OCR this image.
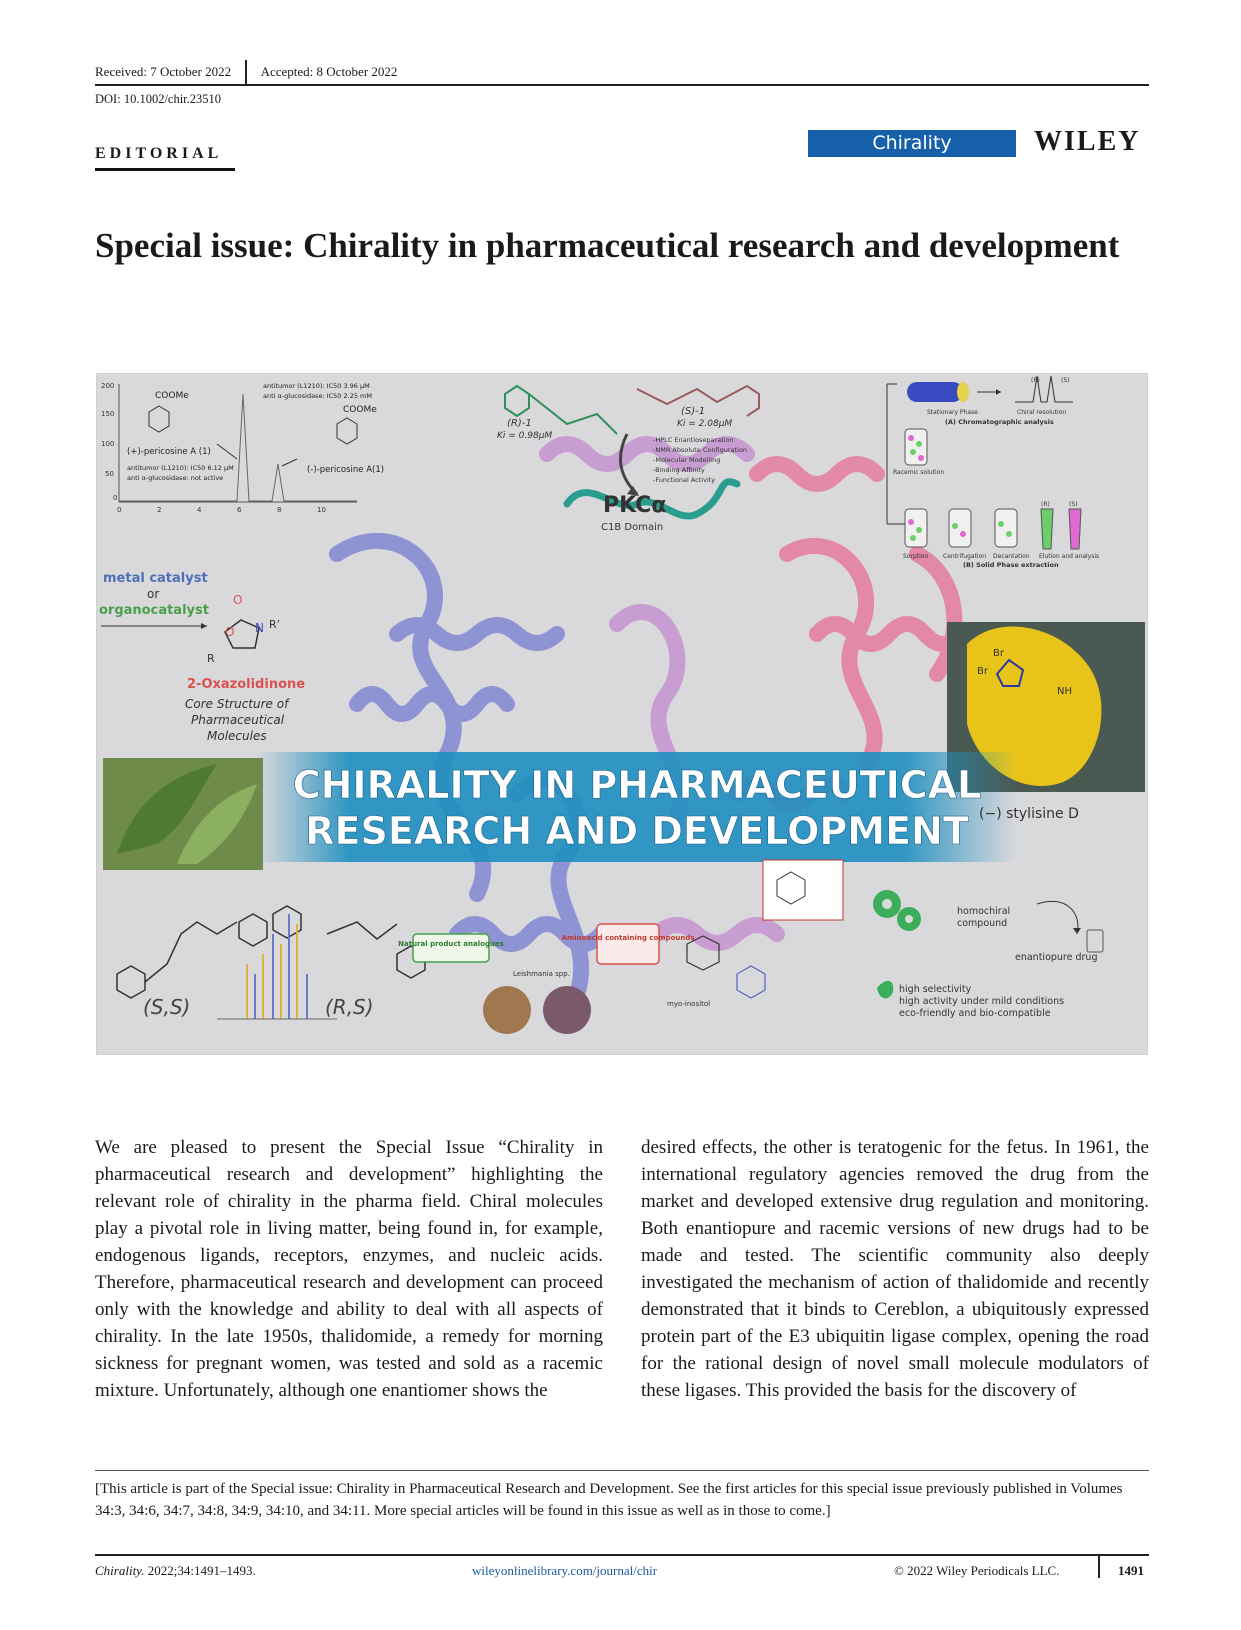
Received: 7 October 2022 Accepted: 8 October 2022
DOI: 10.1002/chir.23510
EDITORIAL	Chirality	WILEY
Special issue: Chirality in pharmaceutical research and development
200
150
100
50
0
0	2	4	6	8	10
COOMe
(+)-pericosine A (1)
antitumor (L1210): IC50 6.12 μM
anti α-glucosidase: not active
antitumor (L1210): IC50 3.96 μM
anti α-glucosidase: IC50 2.25 mM
COOMe
(-)-pericosine A(1)
(R)-1
Ki = 0.98μM
(S)-1
Ki = 2.08μM
-HPLC Enantioseparation
-NMR Absolute Configuration
-Molecular Modelling
-Binding Affinity
-Functional Activity
PKCα
C1B Domain
(R)	(S)
Stationary Phase	Chiral resolution
(A) Chromatographic analysis
Racemic solution
Sorption Centrifugation Decantation Elution and analysis
(B) Solid Phase extraction
(R)	(S)
metal catalyst
or
organocatalyst
O
N
O
R’
R
2-Oxazolidinone
Core Structure of
Pharmaceutical
Molecules
Br
Br
NH
CHIRALITY IN PHARMACEUTICAL
RESEARCH AND DEVELOPMENT (−) stylisine D
(S,S)	(R,S)
Natural product analogues
Aminoacid containing compounds
Leishmania spp.
myo-inositol
homochiral
compound
enantiopure drug
high selectivity
high activity under mild conditions
eco-friendly and bio-compatible

We are pleased to present the Special Issue “Chirality in pharmaceutical research and development” highlighting the relevant role of chirality in the pharma field. Chiral molecules play a pivotal role in living matter, being found in, for example, endogenous ligands, receptors, enzymes, and nucleic acids. Therefore, pharmaceutical research and development can proceed only with the knowledge and ability to deal with all aspects of chirality. In the late 1950s, thalidomide, a remedy for morning sickness for pregnant women, was tested and sold as a racemic mixture. Unfortunately, although one enantiomer shows the

desired effects, the other is teratogenic for the fetus. In 1961, the international regulatory agencies removed the drug from the market and developed extensive drug regulation and monitoring. Both enantiopure and racemic versions of new drugs had to be made and tested. The scientific community also deeply investigated the mechanism of action of thalidomide and recently demonstrated that it binds to Cereblon, a ubiquitously expressed protein part of the E3 ubiquitin ligase complex, opening the road for the rational design of novel small molecule modulators of these ligases. This provided the basis for the discovery of

[This article is part of the Special issue: Chirality in Pharmaceutical Research and Development. See the first articles for this special issue previously published in Volumes 34:3, 34:6, 34:7, 34:8, 34:9, 34:10, and 34:11. More special articles will be found in this issue as well as in those to come.]

Chirality. 2022;34:1491–1493.	wileyonlinelibrary.com/journal/chir	© 2022 Wiley Periodicals LLC.	1491
